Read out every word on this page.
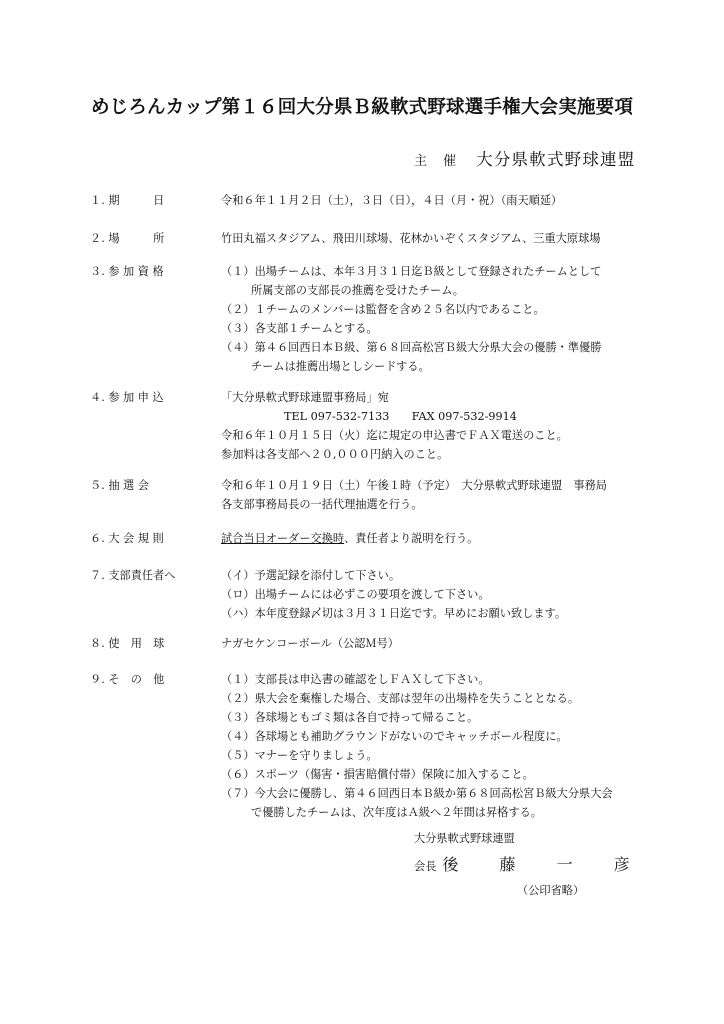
めじろんカップ第１６回大分県Ｂ級軟式野球選手権大会実施要項
主 催 大分県軟式野球連盟
１. 期　　　日	令和６年１１月２日（土），３日（日），４日（月・祝）（雨天順延）
２. 場　　　所	竹田丸福スタジアム、飛田川球場、花林かいぞくスタジアム、三重大原球場
３. 参 加 資 格	（１）出場チームは、本年３月３１日迄Ｂ級として登録されたチームとして
所属支部の支部長の推薦を受けたチーム。
（２）１チームのメンバーは監督を含め２５名以内であること。
（３）各支部１チームとする。
（４）第４６回西日本Ｂ級、第６８回高松宮Ｂ級大分県大会の優勝・準優勝
チームは推薦出場としシードする。
４. 参 加 申 込	「大分県軟式野球連盟事務局」宛
TEL 097-532-7133　　FAX 097-532-9914
令和６年１０月１５日（火）迄に規定の申込書でＦＡＸ電送のこと。
参加料は各支部へ２０,０００円納入のこと。
５. 抽 選 会	令和６年１０月１９日（土）午後１時（予定）　大分県軟式野球連盟　事務局
各支部事務局長の一括代理抽選を行う。
６. 大 会 規 則	試合当日オーダー交換時、責任者より説明を行う。
７. 支部責任者へ	（イ）予選記録を添付して下さい。
（ロ）出場チームには必ずこの要項を渡して下さい。
（ハ）本年度登録〆切は３月３１日迄です。早めにお願い致します。
８. 使　用　球	ナガセケンコーボール（公認Ｍ号）
９. そ　の　他	（１）支部長は申込書の確認をしＦＡＸして下さい。
（２）県大会を棄権した場合、支部は翌年の出場枠を失うこととなる。
（３）各球場ともゴミ類は各自で持って帰ること。
（４）各球場とも補助グラウンドがないのでキャッチボール程度に。
（５）マナーを守りましょう。
（６）スポーツ（傷害・損害賠償付帯）保険に加入すること。
（７）今大会に優勝し、第４６回西日本Ｂ級か第６８回高松宮Ｂ級大分県大会
で優勝したチームは、次年度はＡ級へ２年間は昇格する。
大分県軟式野球連盟
会長 後 藤 一 彦
（公印省略）
